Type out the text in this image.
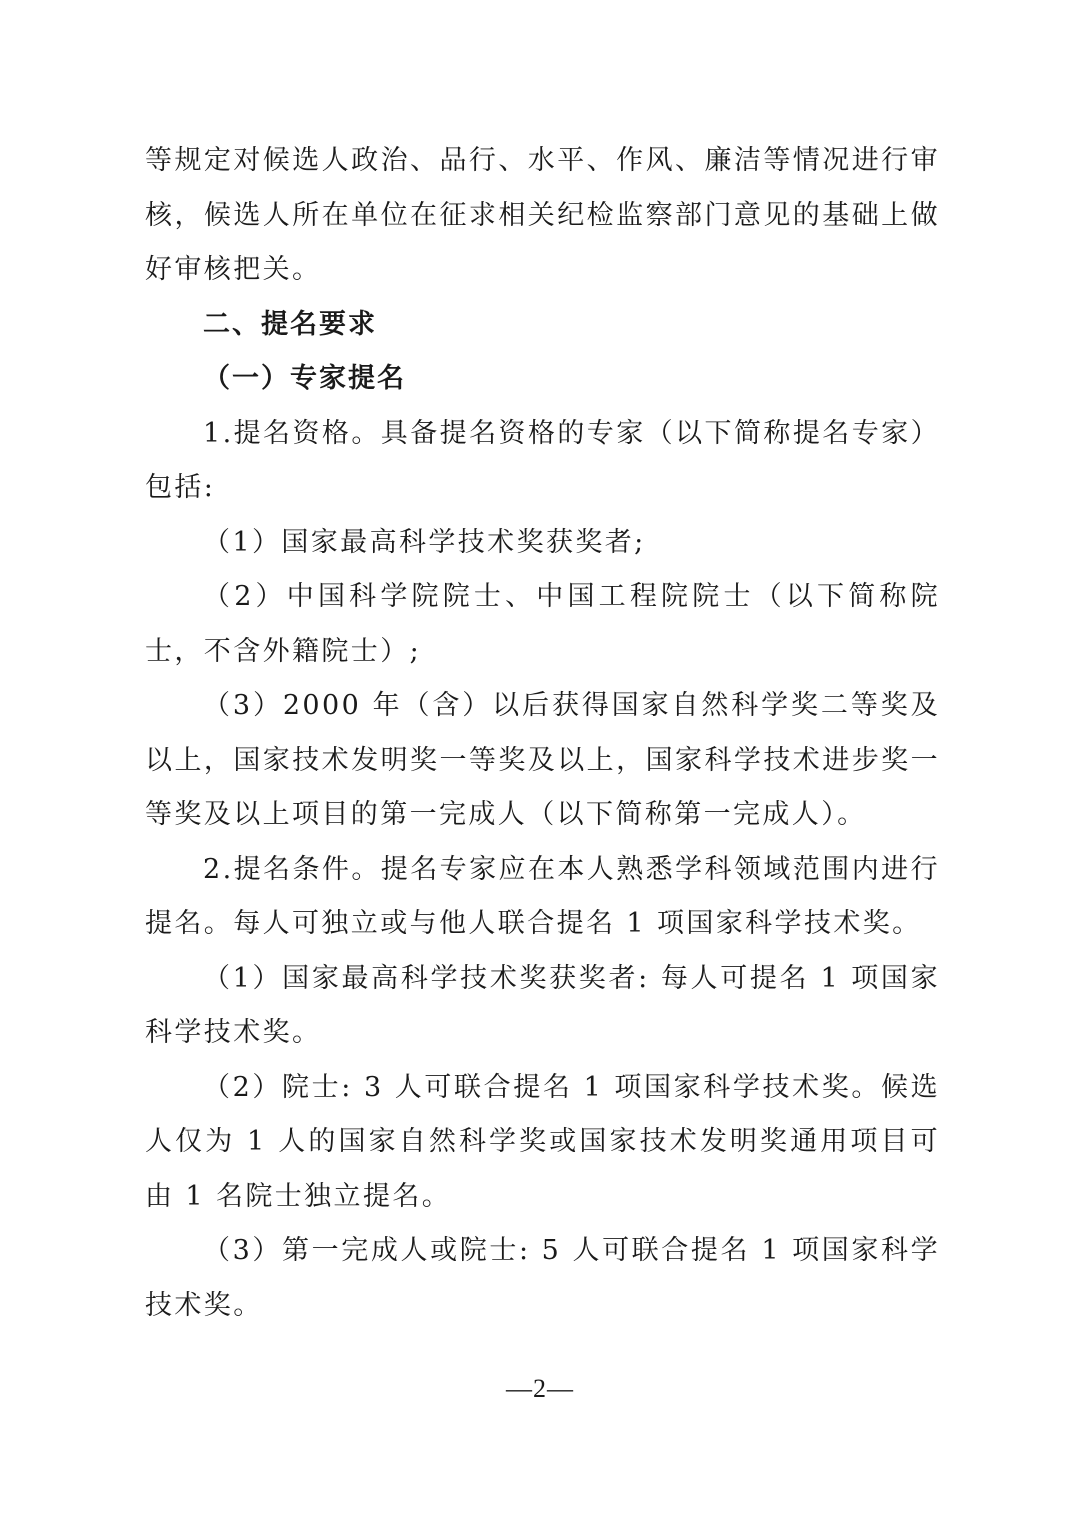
等规定对候选人政治、品行、水平、作风、廉洁等情况进行审核，候选人所在单位在征求相关纪检监察部门意见的基础上做好审核把关。

二、提名要求

（一）专家提名

1.提名资格。具备提名资格的专家（以下简称提名专家）包括:

（1）国家最高科学技术奖获奖者;

（2）中国科学院院士、中国工程院院士（以下简称院士，不含外籍院士）;

（3）2000 年（含）以后获得国家自然科学奖二等奖及以上，国家技术发明奖一等奖及以上，国家科学技术进步奖一等奖及以上项目的第一完成人（以下简称第一完成人）。

2.提名条件。提名专家应在本人熟悉学科领域范围内进行提名。每人可独立或与他人联合提名 1 项国家科学技术奖。

（1）国家最高科学技术奖获奖者: 每人可提名 1 项国家科学技术奖。

（2）院士: 3 人可联合提名 1 项国家科学技术奖。候选人仅为 1 人的国家自然科学奖或国家技术发明奖通用项目可由 1 名院士独立提名。

（3）第一完成人或院士: 5 人可联合提名 1 项国家科学技术奖。

—2—
